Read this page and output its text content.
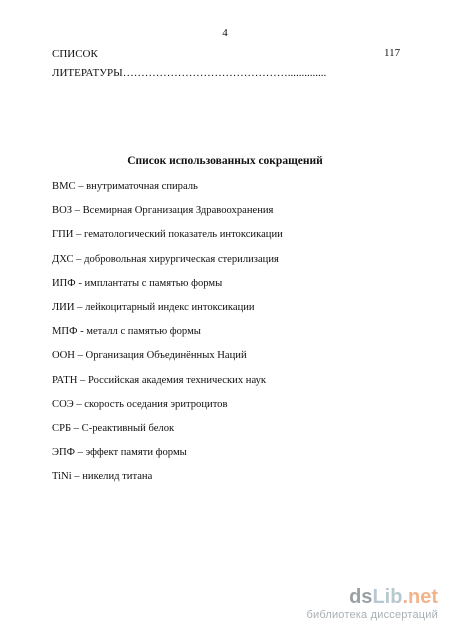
4
СПИСОК	117
ЛИТЕРАТУРЫ………………………………………..............
Список использованных сокращений
ВМС – внутриматочная спираль
ВОЗ – Всемирная Организация Здравоохранения
ГПИ – гематологический показатель интоксикации
ДХС – добровольная хирургическая стерилизация
ИПФ - имплантаты с памятью формы
ЛИИ – лейкоцитарный индекс интоксикации
МПФ - металл с памятью формы
ООН – Организация Объединённых Наций
РАТН – Российская академия технических наук
СОЭ – скорость оседания эритроцитов
СРБ – С-реактивный белок
ЭПФ – эффект памяти формы
TiNi – никелид титана
dsLib.net
библиотека диссертаций
